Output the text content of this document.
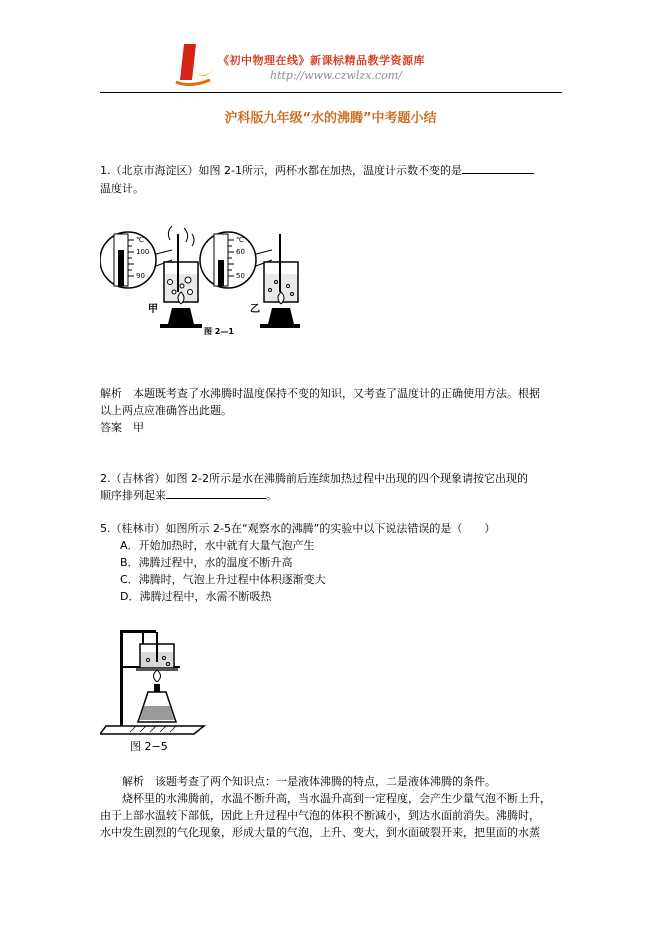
《初中物理在线》新课标精品教学资源库
http://www.czwlzx.com/
沪科版九年级“水的沸腾”中考题小结
1.（北京市海淀区）如图 2-1所示，两杯水都在加热，温度计示数不变的是
温度计。
℃
100
90
甲
℃
60
50
乙
图 2—1
解析　本题既考查了水沸腾时温度保持不变的知识，又考查了温度计的正确使用方法。根据
以上两点应准确答出此题。
答案　甲
2.（吉林省）如图 2-2所示是水在沸腾前后连续加热过程中出现的四个现象请按它出现的
顺序排列起来	。
5.（桂林市）如图所示 2-5在“观察水的沸腾”的实验中以下说法错误的是（　　）
A．开始加热时，水中就有大量气泡产生
B．沸腾过程中，水的温度不断升高
C．沸腾时，气泡上升过程中体积逐渐变大
D．沸腾过程中，水需不断吸热
图 2−5
解析　该题考查了两个知识点：一是液体沸腾的特点，二是液体沸腾的条件。
烧杯里的水沸腾前，水温不断升高，当水温升高到一定程度，会产生少量气泡不断上升，
由于上部水温较下部低，因此上升过程中气泡的体积不断减小，到达水面前消失。沸腾时，
水中发生剧烈的气化现象，形成大量的气泡，上升、变大，到水面破裂开来，把里面的水蒸
